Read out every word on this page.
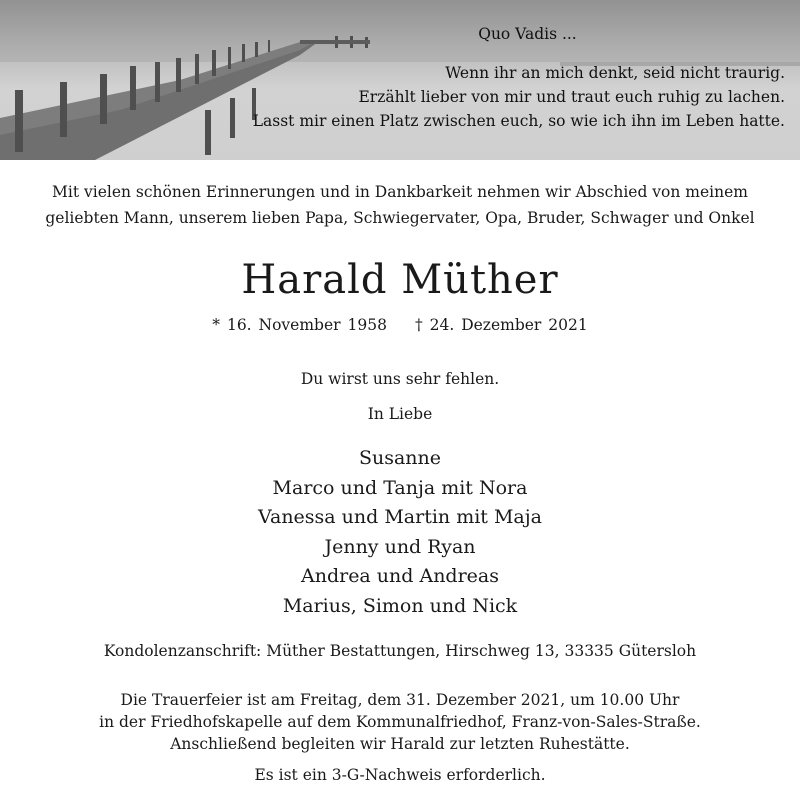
Quo Vadis ...
Wenn ihr an mich denkt, seid nicht traurig.
Erzählt lieber von mir und traut euch ruhig zu lachen.
Lasst mir einen Platz zwischen euch, so wie ich ihn im Leben hatte.
Mit vielen schönen Erinnerungen und in Dankbarkeit nehmen wir Abschied von meinem
geliebten Mann, unserem lieben Papa, Schwiegervater, Opa, Bruder, Schwager und Onkel
Harald Müther
* 16. November 1958 † 24. Dezember 2021
Du wirst uns sehr fehlen.
In Liebe
Susanne
Marco und Tanja mit Nora
Vanessa und Martin mit Maja
Jenny und Ryan
Andrea und Andreas
Marius, Simon und Nick
Kondolenzanschrift: Müther Bestattungen, Hirschweg 13, 33335 Gütersloh
Die Trauerfeier ist am Freitag, dem 31. Dezember 2021, um 10.00 Uhr
in der Friedhofskapelle auf dem Kommunalfriedhof, Franz-von-Sales-Straße.
Anschließend begleiten wir Harald zur letzten Ruhestätte.
Es ist ein 3-G-Nachweis erforderlich.
